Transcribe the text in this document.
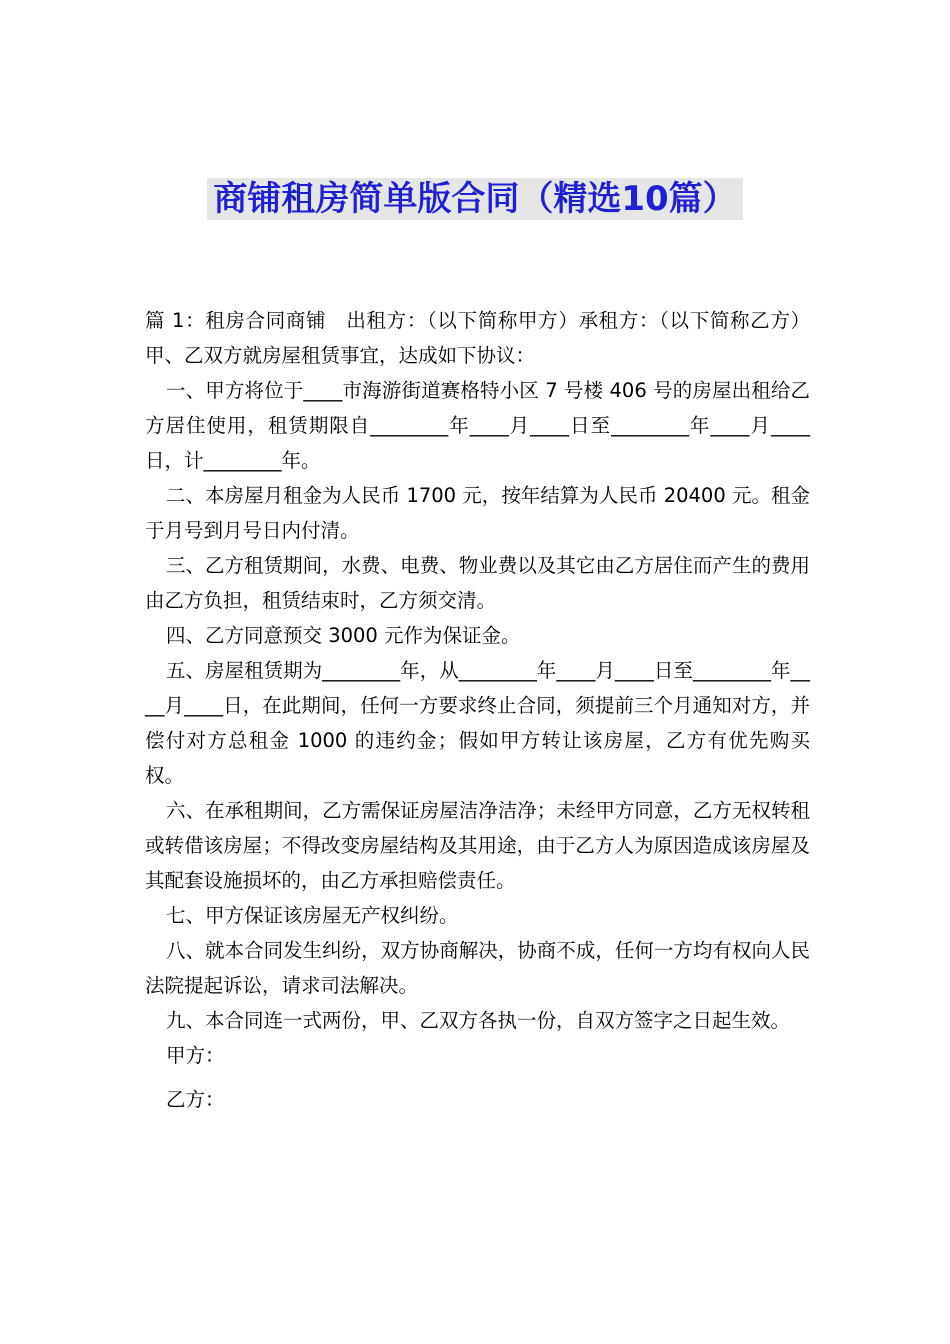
商铺租房简单版合同（精选10篇）

篇 1：租房合同商铺　出租方：（以下简称甲方）承租方：（以下简称乙方）甲、乙双方就房屋租赁事宜，达成如下协议：

一、甲方将位于____市海游街道赛格特小区 7 号楼 406 号的房屋出租给乙方居住使用，租赁期限自________年____月____日至________年____月____日，计________年。

二、本房屋月租金为人民币 1700 元，按年结算为人民币 20400 元。租金于月号到月号日内付清。

三、乙方租赁期间，水费、电费、物业费以及其它由乙方居住而产生的费用由乙方负担，租赁结束时，乙方须交清。

四、乙方同意预交 3000 元作为保证金。

五、房屋租赁期为________年，从________年____月____日至________年____月____日，在此期间，任何一方要求终止合同，须提前三个月通知对方，并偿付对方总租金 1000 的违约金；假如甲方转让该房屋，乙方有优先购买权。

六、在承租期间，乙方需保证房屋洁净洁净；未经甲方同意，乙方无权转租或转借该房屋；不得改变房屋结构及其用途，由于乙方人为原因造成该房屋及其配套设施损坏的，由乙方承担赔偿责任。

七、甲方保证该房屋无产权纠纷。

八、就本合同发生纠纷，双方协商解决，协商不成，任何一方均有权向人民法院提起诉讼，请求司法解决。

九、本合同连一式两份，甲、乙双方各执一份，自双方签字之日起生效。

甲方：

乙方：
